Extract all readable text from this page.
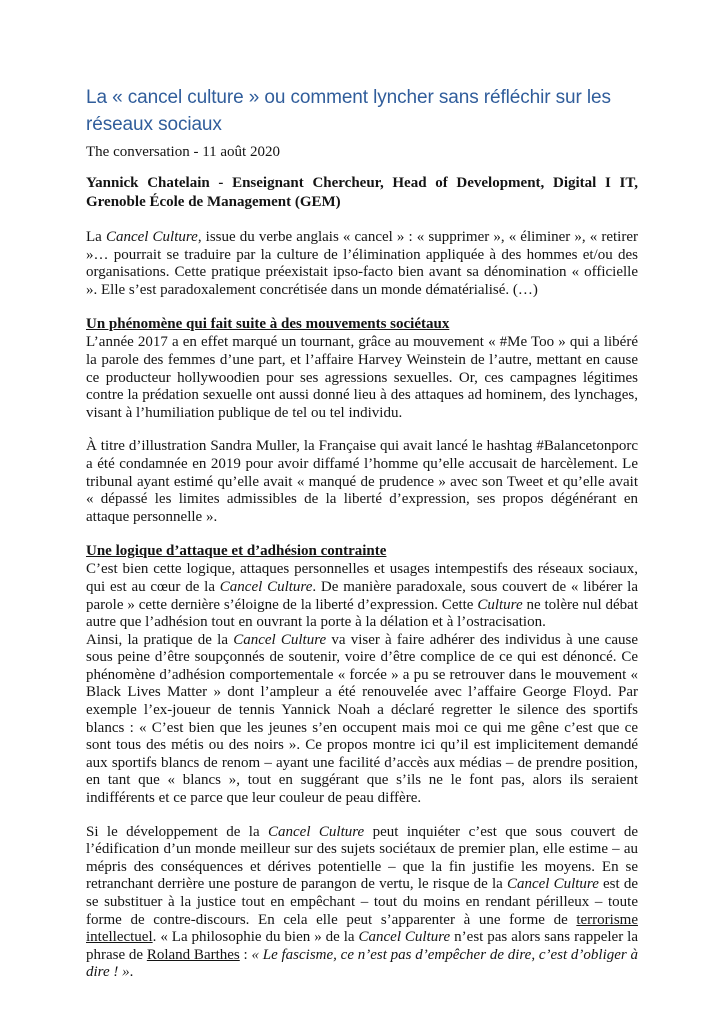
La « cancel culture » ou comment lyncher sans réfléchir sur les réseaux sociaux
The conversation - 11 août 2020
Yannick Chatelain - Enseignant Chercheur, Head of Development, Digital I IT, Grenoble École de Management (GEM)
La Cancel Culture, issue du verbe anglais « cancel » : « supprimer », « éliminer », « retirer »… pourrait se traduire par la culture de l’élimination appliquée à des hommes et/ou des organisations. Cette pratique préexistait ipso-facto bien avant sa dénomination « officielle ». Elle s’est paradoxalement concrétisée dans un monde dématérialisé. (…)
Un phénomène qui fait suite à des mouvements sociétaux
L’année 2017 a en effet marqué un tournant, grâce au mouvement « #Me Too » qui a libéré la parole des femmes d’une part, et l’affaire Harvey Weinstein de l’autre, mettant en cause ce producteur hollywoodien pour ses agressions sexuelles. Or, ces campagnes légitimes contre la prédation sexuelle ont aussi donné lieu à des attaques ad hominem, des lynchages, visant à l’humiliation publique de tel ou tel individu.
À titre d’illustration Sandra Muller, la Française qui avait lancé le hashtag #Balancetonporc a été condamnée en 2019 pour avoir diffamé l’homme qu’elle accusait de harcèlement. Le tribunal ayant estimé qu’elle avait « manqué de prudence » avec son Tweet et qu’elle avait « dépassé les limites admissibles de la liberté d’expression, ses propos dégénérant en attaque personnelle ».
Une logique d’attaque et d’adhésion contrainte
C’est bien cette logique, attaques personnelles et usages intempestifs des réseaux sociaux, qui est au cœur de la Cancel Culture. De manière paradoxale, sous couvert de « libérer la parole » cette dernière s’éloigne de la liberté d’expression. Cette Culture ne tolère nul débat autre que l’adhésion tout en ouvrant la porte à la délation et à l’ostracisation.
Ainsi, la pratique de la Cancel Culture va viser à faire adhérer des individus à une cause sous peine d’être soupçonnés de soutenir, voire d’être complice de ce qui est dénoncé. Ce phénomène d’adhésion comportementale « forcée » a pu se retrouver dans le mouvement « Black Lives Matter » dont l’ampleur a été renouvelée avec l’affaire George Floyd. Par exemple l’ex-joueur de tennis Yannick Noah a déclaré regretter le silence des sportifs blancs : « C’est bien que les jeunes s’en occupent mais moi ce qui me gêne c’est que ce sont tous des métis ou des noirs ». Ce propos montre ici qu’il est implicitement demandé aux sportifs blancs de renom – ayant une facilité d’accès aux médias – de prendre position, en tant que « blancs », tout en suggérant que s’ils ne le font pas, alors ils seraient indifférents et ce parce que leur couleur de peau diffère.
Si le développement de la Cancel Culture peut inquiéter c’est que sous couvert de l’édification d’un monde meilleur sur des sujets sociétaux de premier plan, elle estime – au mépris des conséquences et dérives potentielle – que la fin justifie les moyens. En se retranchant derrière une posture de parangon de vertu, le risque de la Cancel Culture est de se substituer à la justice tout en empêchant – tout du moins en rendant périlleux – toute forme de contre-discours. En cela elle peut s’apparenter à une forme de terrorisme intellectuel. « La philosophie du bien » de la Cancel Culture n’est pas alors sans rappeler la phrase de Roland Barthes : « Le fascisme, ce n’est pas d’empêcher de dire, c’est d’obliger à dire ! ».
